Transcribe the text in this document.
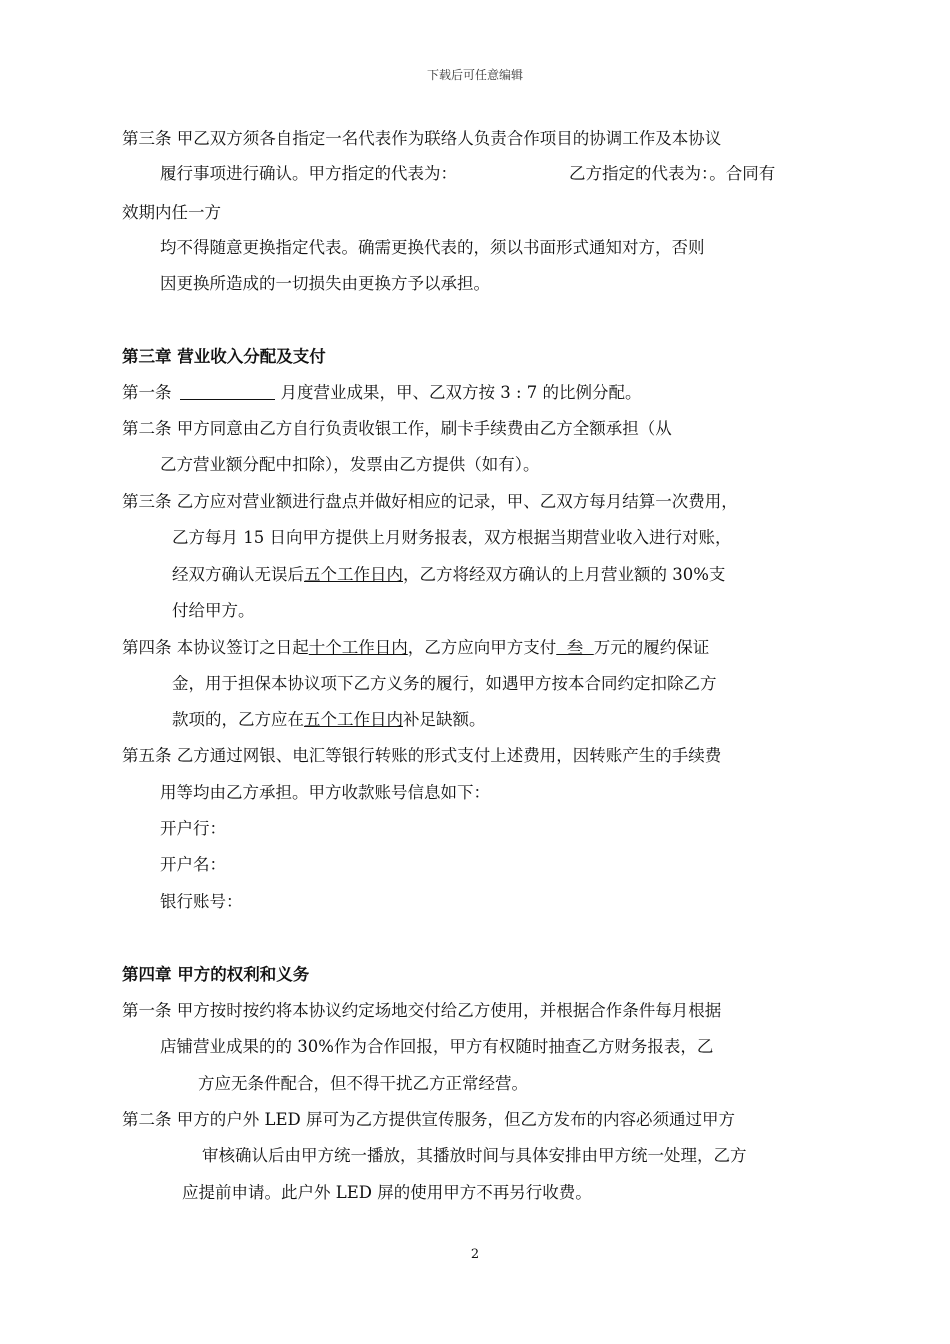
下载后可任意编辑
第三条 甲乙双方须各自指定一名代表作为联络人负责合作项目的协调工作及本协议
履行事项进行确认。甲方指定的代表为：	乙方指定的代表为：。合同有
效期内任一方
均不得随意更换指定代表。确需更换代表的，须以书面形式通知对方，否则
因更换所造成的一切损失由更换方予以承担。
第三章 营业收入分配及支付
第一条	月度营业成果，甲、乙双方按 3 : 7 的比例分配。
第二条 甲方同意由乙方自行负责收银工作，刷卡手续费由乙方全额承担（从
乙方营业额分配中扣除），发票由乙方提供（如有）。
第三条 乙方应对营业额进行盘点并做好相应的记录，甲、乙双方每月结算一次费用，
乙方每月 15 日向甲方提供上月财务报表，双方根据当期营业收入进行对账，
经双方确认无误后五个工作日内，乙方将经双方确认的上月营业额的 30%支
付给甲方。
第四条 本协议签订之日起十个工作日内，乙方应向甲方支付  叁  万元的履约保证
金，用于担保本协议项下乙方义务的履行，如遇甲方按本合同约定扣除乙方
款项的，乙方应在五个工作日内补足缺额。
第五条 乙方通过网银、电汇等银行转账的形式支付上述费用，因转账产生的手续费
用等均由乙方承担。甲方收款账号信息如下：
开户行：
开户名：
银行账号：
第四章 甲方的权利和义务
第一条 甲方按时按约将本协议约定场地交付给乙方使用，并根据合作条件每月根据
店铺营业成果的的 30%作为合作回报，甲方有权随时抽查乙方财务报表，乙
方应无条件配合，但不得干扰乙方正常经营。
第二条 甲方的户外 LED 屏可为乙方提供宣传服务，但乙方发布的内容必须通过甲方
审核确认后由甲方统一播放，其播放时间与具体安排由甲方统一处理，乙方
应提前申请。此户外 LED 屏的使用甲方不再另行收费。
2
